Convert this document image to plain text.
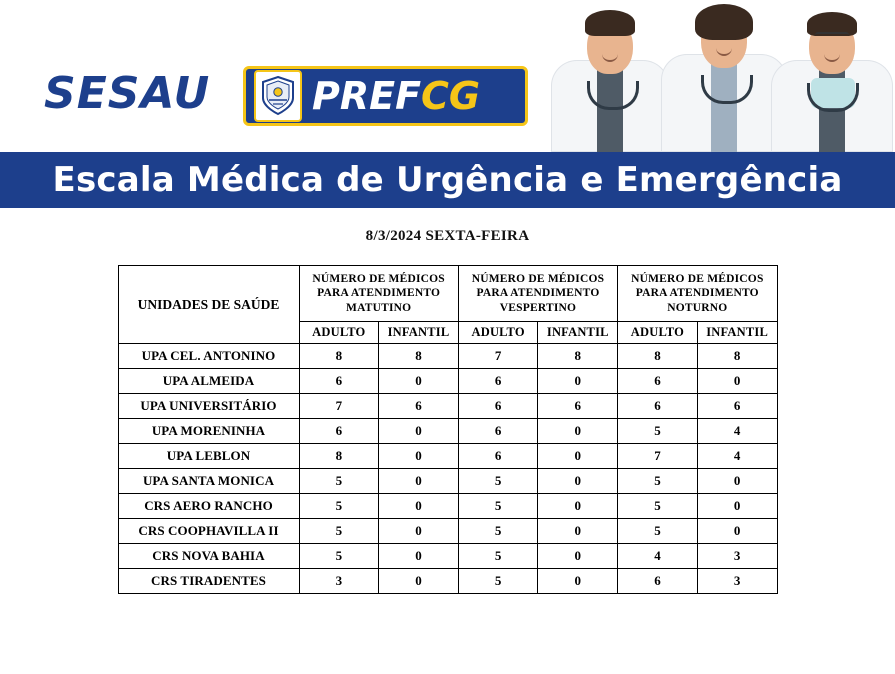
SESAU	PREFCG
Escala Médica de Urgência e Emergência
8/3/2024 SEXTA-FEIRA
UNIDADES DE SAÚDE	NÚMERO DE MÉDICOS PARA ATENDIMENTO MATUTINO		NÚMERO DE MÉDICOS PARA ATENDIMENTO VESPERTINO		NÚMERO DE MÉDICOS PARA ATENDIMENTO NOTURNO	
	ADULTO	INFANTIL	ADULTO	INFANTIL	ADULTO	INFANTIL
UPA CEL. ANTONINO	8	8	7	8	8	8
UPA ALMEIDA	6	0	6	0	6	0
UPA UNIVERSITÁRIO	7	6	6	6	6	6
UPA MORENINHA	6	0	6	0	5	4
UPA LEBLON	8	0	6	0	7	4
UPA SANTA MONICA	5	0	5	0	5	0
CRS AERO RANCHO	5	0	5	0	5	0
CRS COOPHAVILLA II	5	0	5	0	5	0
CRS NOVA BAHIA	5	0	5	0	4	3
CRS TIRADENTES	3	0	5	0	6	3
